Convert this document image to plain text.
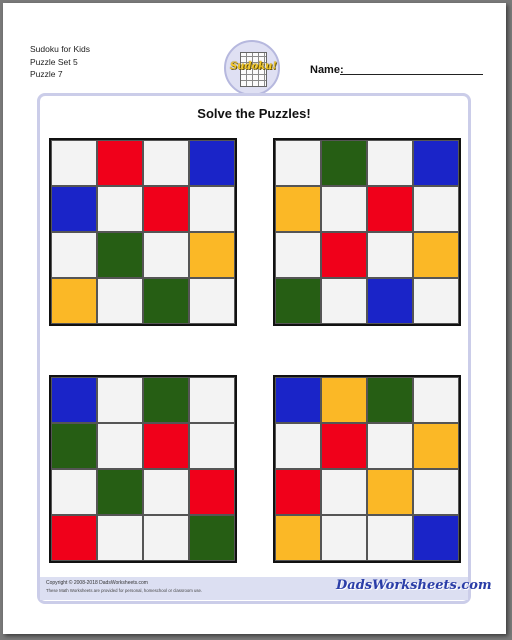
Sudoku for Kids
Puzzle Set 5
Puzzle 7
Sudoku!	Name:
Solve the Puzzles!
Copyright © 2008-2018 DadsWorksheets.com
These Math Worksheets are provided for personal, homeschool or classroom use.	DadsWorksheets.com
